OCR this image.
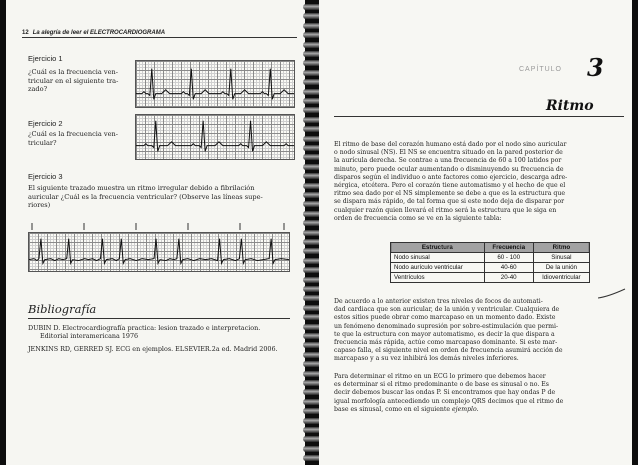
12 La alegría de leer el ELECTROCARDIOGRAMA
Ejercicio 1
¿Cuál es la frecuencia ven-
tricular en el siguiente tra-
zado?
Ejercicio 2
¿Cuál es la frecuencia ven-
tricular?
Ejercicio 3
El siguiente trazado muestra un ritmo irregular debido a fibrilación
auricular ¿Cuál es la frecuencia ventricular? (Observe las líneas supe-
riores)
Bibliografía
DUBIN D. Electrocardiografía practica: lesion trazado e interpretacion. Editorial interamericana 1976
JENKINS RD, GERRED SJ. ECG en ejemplos. ELSEVIER.2a ed. Madrid 2006.
CAPÍTULO 3
Ritmo
El ritmo de base del corazón humano está dado por el nodo sino auricular
o nodo sinusal (NS). El NS se encuentra situado en la pared posterior de
la aurícula derecha. Se contrae a una frecuencia de 60 a 100 latidos por
minuto, pero puede ocular aumentando o disminuyendo su frecuencia de
disparos según el individuo o ante factores como ejercicio, descarga adre-
nérgica, etcétera. Pero el corazón tiene automatismo y el hecho de que el
ritmo sea dado por el NS simplemente se debe a que es la estructura que
se dispara más rápido, de tal forma que si este nodo deja de disparar por
cualquier razón quien llevará el ritmo será la estructura que le siga en
orden de frecuencia como se ve en la siguiente tabla:
Estructura	Frecuencia	Ritmo
Nodo sinusal	60 - 100	Sinusal
Nodo aurículo ventricular	40-60	De la unión
Ventrículos	20-40	Idioventricular
De acuerdo a lo anterior existen tres niveles de focos de automati-
dad cardiaca que son auricular, de la unión y ventricular. Cualquiera de
estos sitios puede obrar como marcapaso en un momento dado. Existe
un fenómeno denominado supresión por sobre-estimulación que permi-
te que la estructura con mayor automatismo, es decir la que dispara a
frecuencia más rápida, actúe como marcapaso dominante. Si este mar-
capaso falla, el siguiente nivel en orden de frecuencia asumirá acción de
marcapaso y a su vez inhibirá los demás niveles inferiores.
Para determinar el ritmo en un ECG lo primero que debemos hacer
es determinar si el ritmo predominante o de base es sinusal o no. Es
decir debemos buscar las ondas P. Si encontramos que hay ondas P de
igual morfología antecediendo un complejo QRS decimos que el ritmo de
base es sinusal, como en el siguiente ejemplo.
